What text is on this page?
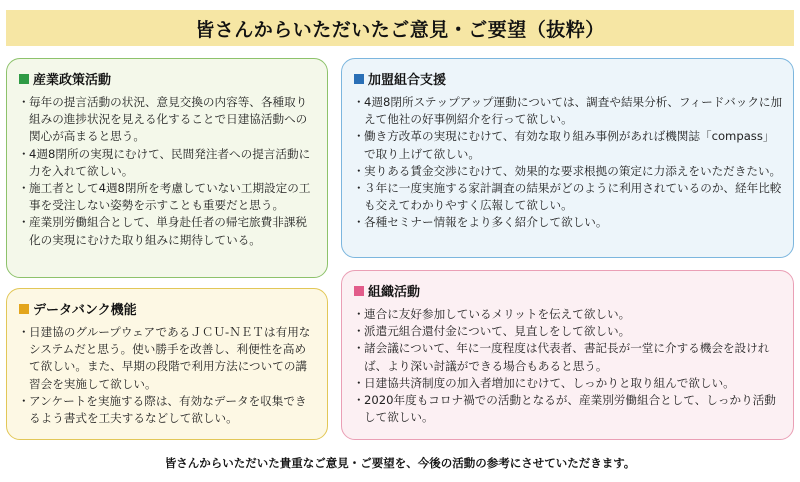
皆さんからいただいたご意見・ご要望（抜粋）
産業政策活動
・ 毎年の提言活動の状況、意見交換の内容等、各種取り組みの進捗状況を見える化することで日建協活動への関心が高まると思う。
・ 4週8閉所の実現にむけて、民間発注者への提言活動に力を入れて欲しい。
・ 施工者として4週8閉所を考慮していない工期設定の工事を受注しない姿勢を示すことも重要だと思う。
・ 産業別労働組合として、単身赴任者の帰宅旅費非課税化の実現にむけた取り組みに期待している。
加盟組合支援
・ 4週8閉所ステップアップ運動については、調査や結果分析、フィードバックに加えて他社の好事例紹介を行って欲しい。
・ 働き方改革の実現にむけて、有効な取り組み事例があれば機関誌「compass」で取り上げて欲しい。
・ 実りある賃金交渉にむけて、効果的な要求根拠の策定に力添えをいただきたい。
・ ３年に一度実施する家計調査の結果がどのように利用されているのか、経年比較も交えてわかりやすく広報して欲しい。
・ 各種セミナー情報をより多く紹介して欲しい。
データバンク機能
・ 日建協のグループウェアであるＪＣＵ-ＮＥＴは有用なシステムだと思う。使い勝手を改善し、利便性を高めて欲しい。また、早期の段階で利用方法についての講習会を実施して欲しい。
・ アンケートを実施する際は、有効なデータを収集できるよう書式を工夫するなどして欲しい。
組織活動
・ 連合に友好参加しているメリットを伝えて欲しい。
・ 派遣元組合還付金について、見直しをして欲しい。
・ 諸会議について、年に一度程度は代表者、書記長が一堂に介する機会を設ければ、より深い討議ができる場合もあると思う。
・ 日建協共済制度の加入者増加にむけて、しっかりと取り組んで欲しい。
・ 2020年度もコロナ禍での活動となるが、産業別労働組合として、しっかり活動して欲しい。
皆さんからいただいた貴重なご意見・ご要望を、今後の活動の参考にさせていただきます。
